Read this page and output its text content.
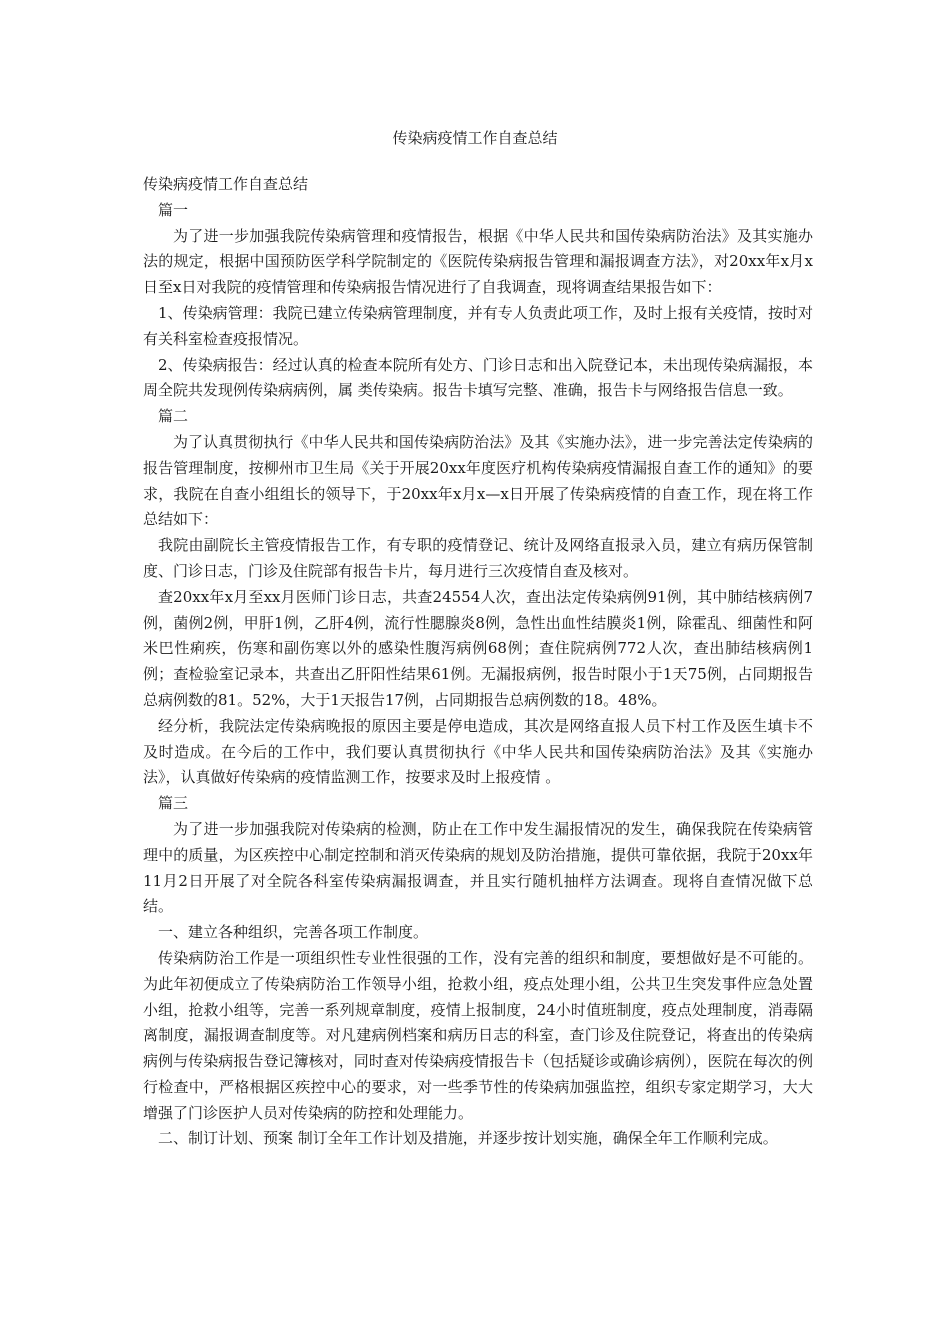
传染病疫情工作自查总结

传染病疫情工作自查总结

篇一

为了进一步加强我院传染病管理和疫情报告，根据《中华人民共和国传染病防治法》及其实施办法的规定，根据中国预防医学科学院制定的《医院传染病报告管理和漏报调查方法》，对20xx年x月x日至x日对我院的疫情管理和传染病报告情况进行了自我调查，现将调查结果报告如下：

1、传染病管理：我院已建立传染病管理制度，并有专人负责此项工作，及时上报有关疫情，按时对有关科室检查疫报情况。

2、传染病报告：经过认真的检查本院所有处方、门诊日志和出入院登记本，未出现传染病漏报，本周全院共发现例传染病病例，属 类传染病。报告卡填写完整、准确，报告卡与网络报告信息一致。

篇二

为了认真贯彻执行《中华人民共和国传染病防治法》及其《实施办法》，进一步完善法定传染病的报告管理制度，按柳州市卫生局《关于开展20xx年度医疗机构传染病疫情漏报自查工作的通知》的要求，我院在自查小组组长的领导下，于20xx年x月x—x日开展了传染病疫情的自查工作，现在将工作总结如下：

我院由副院长主管疫情报告工作，有专职的疫情登记、统计及网络直报录入员，建立有病历保管制度、门诊日志，门诊及住院部有报告卡片，每月进行三次疫情自查及核对。

查20xx年x月至xx月医师门诊日志，共查24554人次，查出法定传染病例91例，其中肺结核病例7例，菌例2例，甲肝1例，乙肝4例，流行性腮腺炎8例，急性出血性结膜炎1例，除霍乱、细菌性和阿米巴性痢疾，伤寒和副伤寒以外的感染性腹泻病例68例；查住院病例772人次，查出肺结核病例1例；查检验室记录本，共查出乙肝阳性结果61例。无漏报病例，报告时限小于1天75例，占同期报告总病例数的81。52%，大于1天报告17例，占同期报告总病例数的18。48%。

经分析，我院法定传染病晚报的原因主要是停电造成，其次是网络直报人员下村工作及医生填卡不及时造成。在今后的工作中，我们要认真贯彻执行《中华人民共和国传染病防治法》及其《实施办法》，认真做好传染病的疫情监测工作，按要求及时上报疫情 。

篇三

为了进一步加强我院对传染病的检测，防止在工作中发生漏报情况的发生，确保我院在传染病管理中的质量，为区疾控中心制定控制和消灭传染病的规划及防治措施，提供可靠依据，我院于20xx年11月2日开展了对全院各科室传染病漏报调查，并且实行随机抽样方法调查。现将自查情况做下总结。

一、建立各种组织，完善各项工作制度。

传染病防治工作是一项组织性专业性很强的工作，没有完善的组织和制度，要想做好是不可能的。为此年初便成立了传染病防治工作领导小组，抢救小组，疫点处理小组，公共卫生突发事件应急处置小组，抢救小组等，完善一系列规章制度，疫情上报制度，24小时值班制度，疫点处理制度，消毒隔离制度，漏报调查制度等。对凡建病例档案和病历日志的科室，查门诊及住院登记，将查出的传染病病例与传染病报告登记簿核对，同时查对传染病疫情报告卡（包括疑诊或确诊病例），医院在每次的例行检查中，严格根据区疾控中心的要求，对一些季节性的传染病加强监控，组织专家定期学习，大大增强了门诊医护人员对传染病的防控和处理能力。

二、制订计划、预案 制订全年工作计划及措施，并逐步按计划实施，确保全年工作顺利完成。
